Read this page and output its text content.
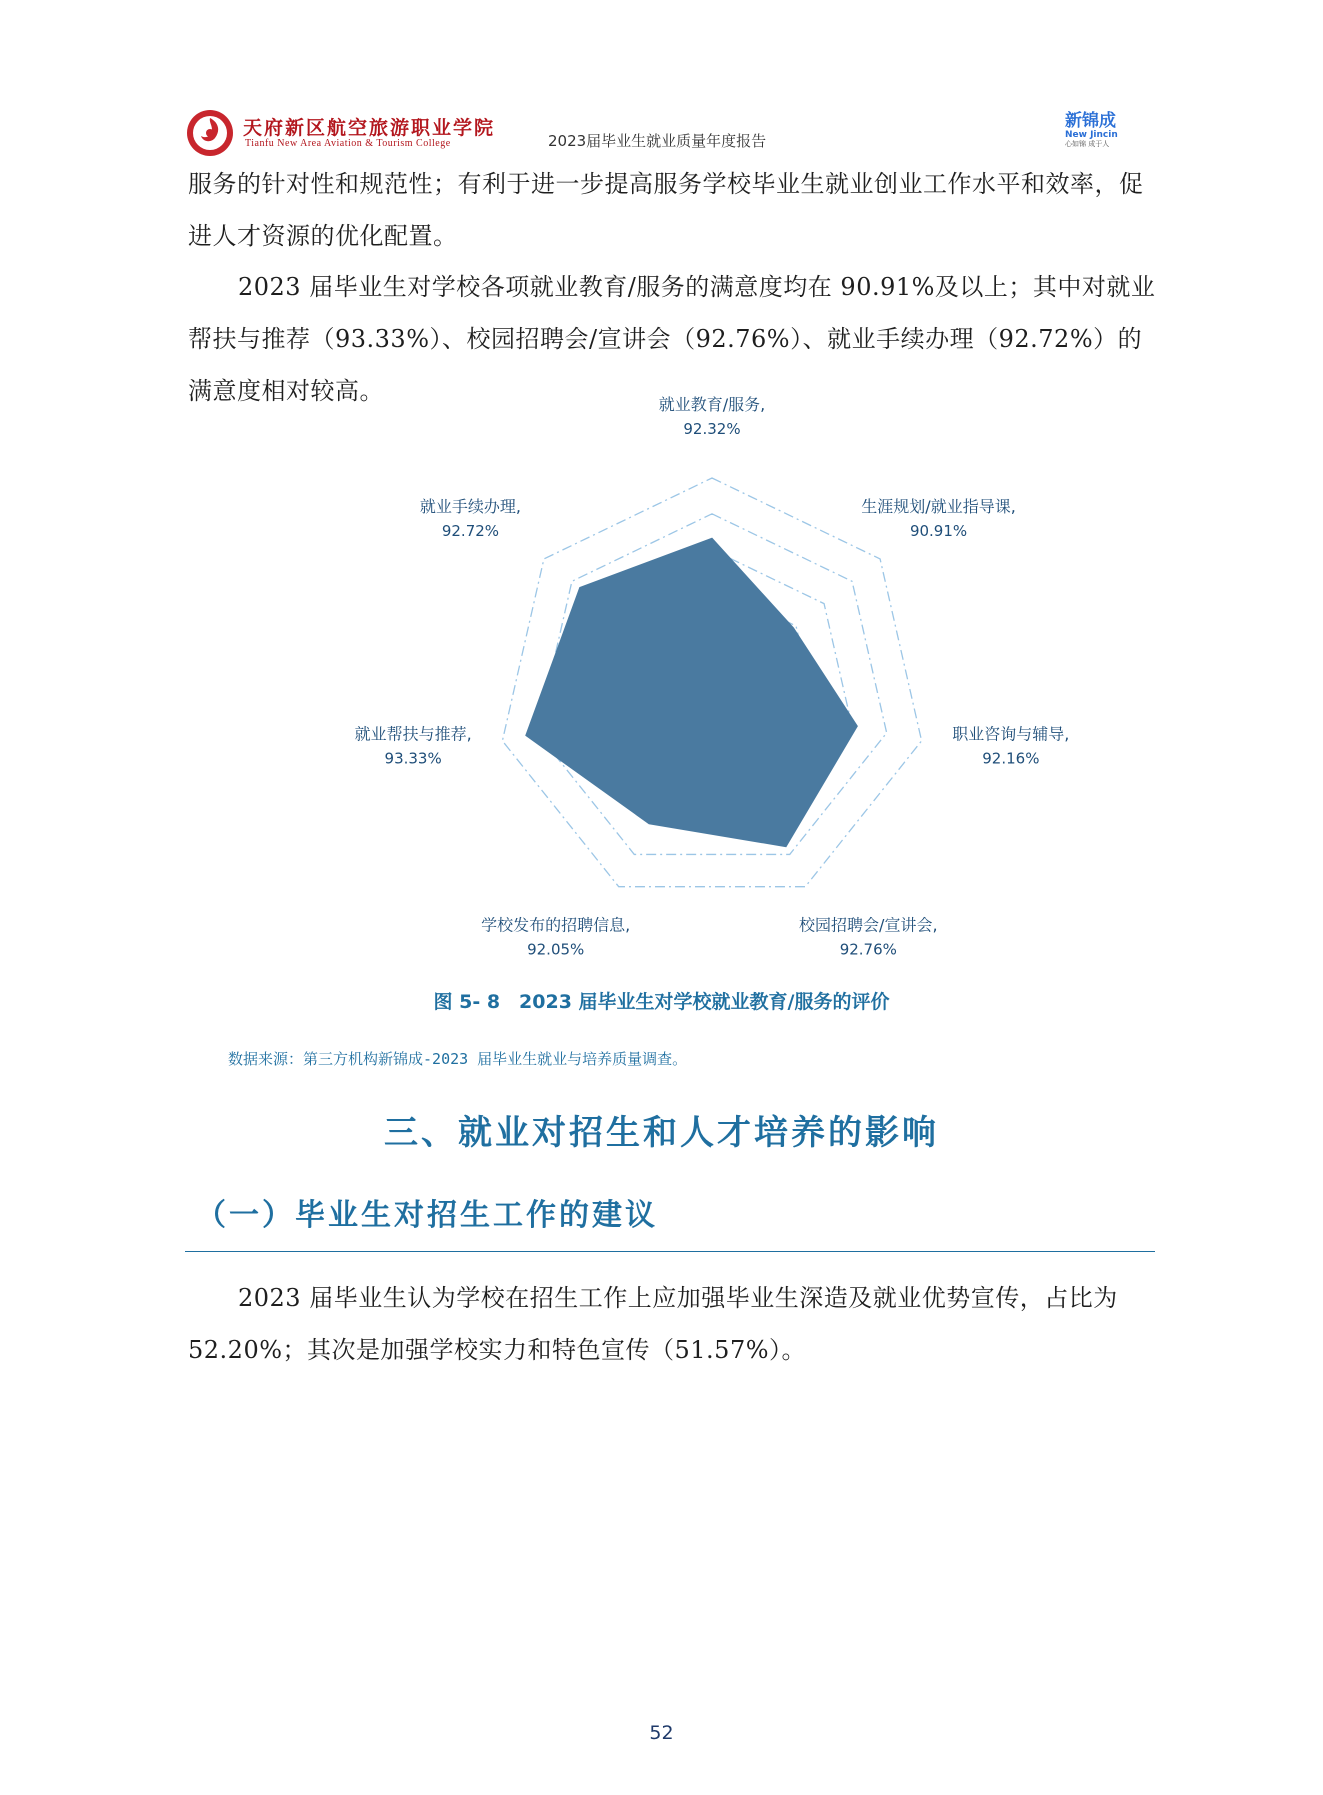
天府新区航空旅游职业学院
Tianfu New Area Aviation & Tourism College	2023届毕业生就业质量年度报告
新锦成
New Jincin
心如锦 成于人
服务的针对性和规范性；有利于进一步提高服务学校毕业生就业创业工作水平和效率，促进人才资源的优化配置。
2023 届毕业生对学校各项就业教育/服务的满意度均在 90.91%及以上；其中对就业帮扶与推荐（93.33%）、校园招聘会/宣讲会（92.76%）、就业手续办理（92.72%）的满意度相对较高。	就业教育/服务,
92.32%
生涯规划/就业指导课,
90.91%
职业咨询与辅导,
92.16%
校园招聘会/宣讲会,
92.76%
学校发布的招聘信息,
92.05%
就业帮扶与推荐,
93.33%
就业手续办理,
92.72%
图 5- 8　2023 届毕业生对学校就业教育/服务的评价
数据来源：第三方机构新锦成-2023 届毕业生就业与培养质量调查。
三、就业对招生和人才培养的影响
（一）毕业生对招生工作的建议
2023 届毕业生认为学校在招生工作上应加强毕业生深造及就业优势宣传，占比为 52.20%；其次是加强学校实力和特色宣传（51.57%）。
52
